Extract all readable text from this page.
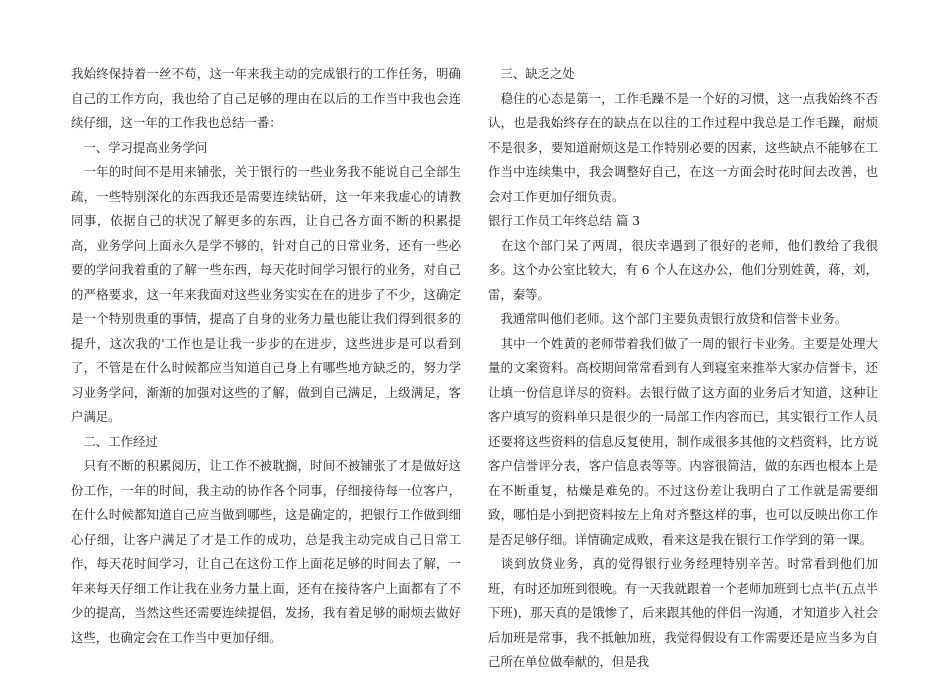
我始终保持着一丝不苟，这一年来我主动的完成银行的工作任务，明确自己的工作方向，我也给了自己足够的理由在以后的工作当中我也会连续仔细，这一年的工作我也总结一番：

　一、学习提高业务学问

　一年的时间不是用来铺张，关于银行的一些业务我不能说自己全部生疏，一些特别深化的东西我还是需要连续钻研，这一年来我虚心的请教同事，依据自己的状况了解更多的东西，让自己各方面不断的积累提高，业务学问上面永久是学不够的，针对自己的日常业务，还有一些必要的学问我着重的了解一些东西，每天花时间学习银行的业务，对自己的严格要求，这一年来我面对这些业务实实在在的进步了不少，这确定是一个特别贵重的事情，提高了自身的业务力量也能让我们得到很多的提升，这次我的'工作也是让我一步步的在进步，这些进步是可以看到了，不管是在什么时候都应当知道自己身上有哪些地方缺乏的，努力学习业务学问，渐渐的加强对这些的了解，做到自己满足，上级满足，客户满足。

　二、工作经过

　只有不断的积累阅历，让工作不被耽搁，时间不被铺张了才是做好这份工作，一年的时间，我主动的协作各个同事，仔细接待每一位客户，在什么时候都知道自己应当做到哪些，这是确定的，把银行工作做到细心仔细，让客户满足了才是工作的成功，总是我主动完成自己日常工作，每天花时间学习，让自己在这份工作上面花足够的时间去了解，一年来每天仔细工作让我在业务力量上面，还有在接待客户上面都有了不少的提高，当然这些还需要连续提倡，发扬，我有着足够的耐烦去做好这些，也确定会在工作当中更加仔细。

　三、缺乏之处

　稳住的心态是第一，工作毛躁不是一个好的习惯，这一点我始终不否认，也是我始终存在的缺点在以往的工作过程中我总是工作毛躁，耐烦不是很多，要知道耐烦这是工作特别必要的因素，这些缺点不能够在工作当中连续集中，我会调整好自己，在这一方面会时花时间去改善，也会对工作更加仔细负责。

银行工作员工年终总结 篇 3

　在这个部门呆了两周，很庆幸遇到了很好的老师，他们教给了我很多。这个办公室比较大，有 6 个人在这办公，他们分别姓黄，蒋，刘，雷，秦等。

　我通常叫他们老师。这个部门主要负责银行放贷和信誉卡业务。

　其中一个姓黄的老师带着我们做了一周的银行卡业务。主要是处理大量的文案资料。高校期间常常看到有人到寝室来推举大家办信誉卡，还让填一份信息详尽的资料。去银行做了这方面的业务后才知道，这种让客户填写的资料单只是很少的一局部工作内容而已，其实银行工作人员还要将这些资料的信息反复使用，制作成很多其他的文档资料，比方说客户信誉评分表，客户信息表等等。内容很简洁，做的东西也根本上是在不断重复，枯燥是难免的。不过这份差让我明白了工作就是需要细致，哪怕是小到把资料按左上角对齐整这样的事，也可以反映出你工作是否足够仔细。详情确定成败，看来这是我在银行工作学到的第一课。

　谈到放贷业务，真的觉得银行业务经理特别辛苦。时常看到他们加班，有时还加班到很晚。有一天我就跟着一个老师加班到七点半(五点半下班)，那天真的是饿惨了，后来跟其他的伴侣一沟通，才知道步入社会后加班是常事，我不抵触加班，我觉得假设有工作需要还是应当多为自己所在单位做奉献的，但是我
